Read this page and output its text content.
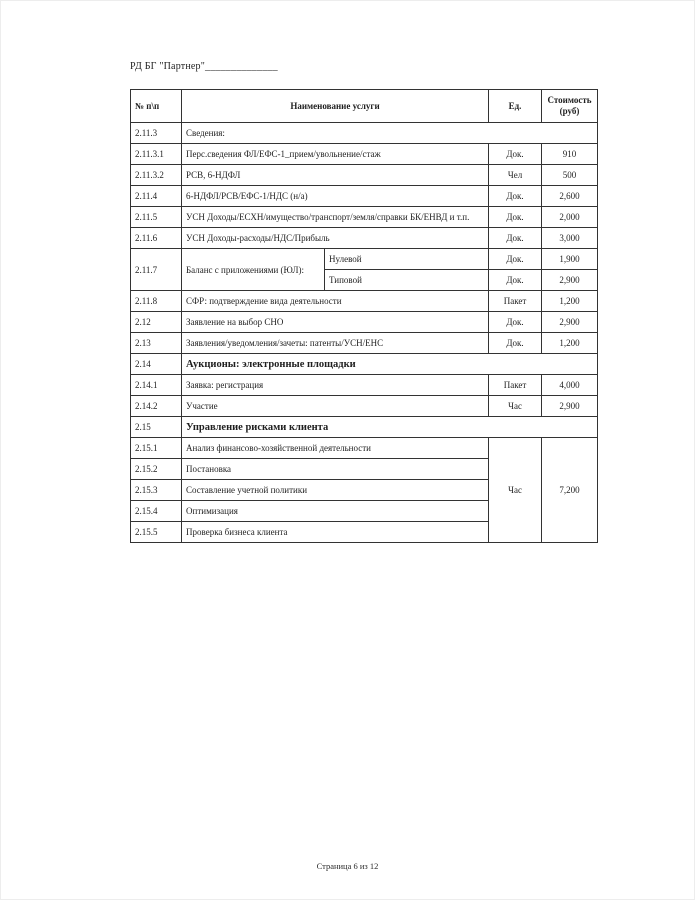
РД БГ "Партнер"______________
№ п\п	Наименование услуги		Ед.	Стоимость
(руб)

2.11.3	Сведения:			
2.11.3.1	Перс.сведения ФЛ/ЕФС-1_прием/увольнение/стаж		Док.	910
2.11.3.2	РСВ, 6-НДФЛ		Чел	500
2.11.4	6-НДФЛ/РСВ/ЕФС-1/НДС (н/а)		Док.	2,600
2.11.5	УСН Доходы/ЕСХН/имущество/транспорт/земля/справки БК/ЕНВД и т.п.		Док.	2,000
2.11.6	УСН Доходы-расходы/НДС/Прибыль		Док.	3,000
2.11.7	Баланс с приложениями (ЮЛ):	Нулевой	Док.	1,900
		Типовой	Док.	2,900
2.11.8	СФР: подтверждение вида деятельности		Пакет	1,200
2.12	Заявление на выбор СНО		Док.	2,900
2.13	Заявления/уведомления/зачеты: патенты/УСН/ЕНС		Док.	1,200
2.14	Аукционы: электронные площадки			
2.14.1	Заявка: регистрация		Пакет	4,000
2.14.2	Участие		Час	2,900
2.15	Управление рисками клиента			
2.15.1	Анализ финансово-хозяйственной деятельности		Час	7,200
2.15.2	Постановка			
2.15.3	Составление учетной политики			
2.15.4	Оптимизация			
2.15.5	Проверка бизнеса клиента			
Страница 6 из 12
